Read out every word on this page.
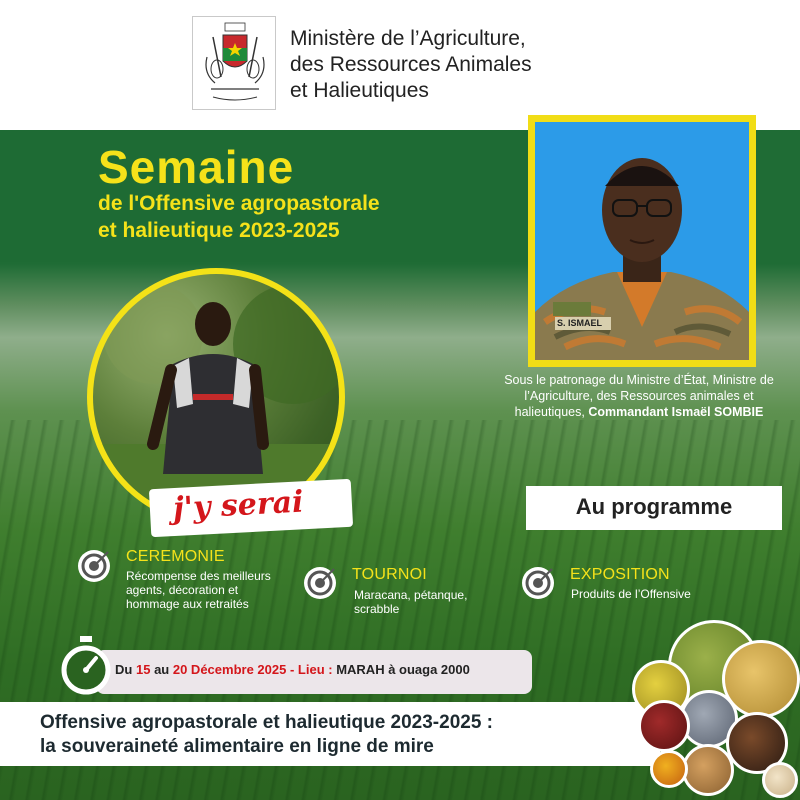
Ministère de l’Agriculture,
des Ressources Animales
et Halieutiques
Semaine
de l'Offensive agropastorale
et halieutique 2023-2025
S. ISMAEL
Sous le patronage du Ministre d’État, Ministre de l’Agriculture, des Ressources animales et halieutiques, Commandant Ismaël SOMBIE
j'y serai	Au programme
CEREMONIE
Récompense des meilleurs
agents, décoration et
hommage aux retraités
TOURNOI
Maracana, pétanque,
scrabble
EXPOSITION
Produits de l’Offensive
Du 15 au 20 Décembre 2025 - Lieu : MARAH à ouaga 2000
Offensive agropastorale et halieutique 2023-2025 :
la souveraineté alimentaire en ligne de mire
